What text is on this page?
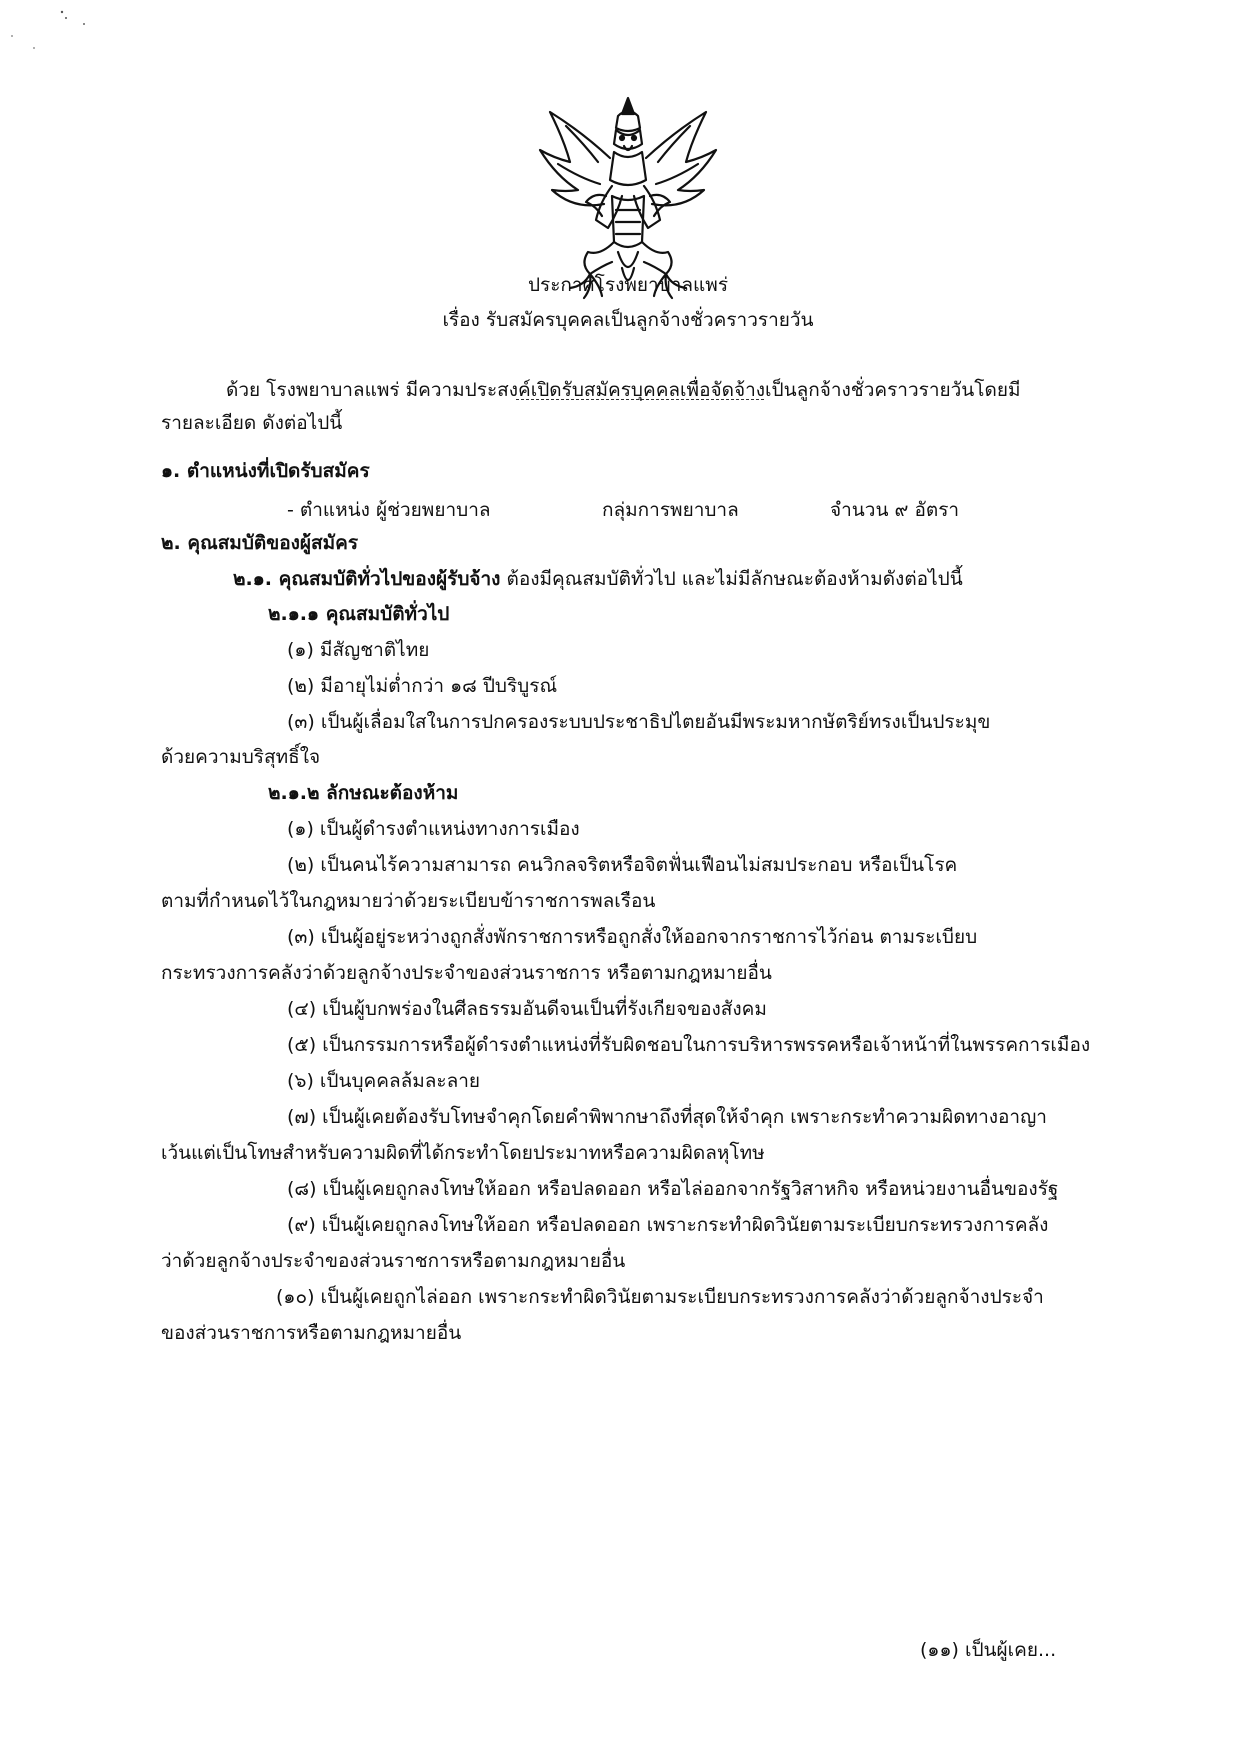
ประกาศโรงพยาบาลแพร่
เรื่อง รับสมัครบุคคลเป็นลูกจ้างชั่วคราวรายวัน
ด้วย โรงพยาบาลแพร่ มีความประสงค์เปิดรับสมัครบุคคลเพื่อจัดจ้างเป็นลูกจ้างชั่วคราวรายวันโดยมี
รายละเอียด ดังต่อไปนี้
๑. ตำแหน่งที่เปิดรับสมัคร
- ตำแหน่ง ผู้ช่วยพยาบาล	กลุ่มการพยาบาล	จำนวน ๙ อัตรา
๒. คุณสมบัติของผู้สมัคร
๒.๑. คุณสมบัติทั่วไปของผู้รับจ้าง ต้องมีคุณสมบัติทั่วไป และไม่มีลักษณะต้องห้ามดังต่อไปนี้
๒.๑.๑ คุณสมบัติทั่วไป
(๑) มีสัญชาติไทย
(๒) มีอายุไม่ต่ำกว่า ๑๘ ปีบริบูรณ์
(๓) เป็นผู้เลื่อมใสในการปกครองระบบประชาธิปไตยอันมีพระมหากษัตริย์ทรงเป็นประมุข
ด้วยความบริสุทธิ์ใจ
๒.๑.๒ ลักษณะต้องห้าม
(๑) เป็นผู้ดำรงตำแหน่งทางการเมือง
(๒) เป็นคนไร้ความสามารถ คนวิกลจริตหรือจิตฟั่นเฟือนไม่สมประกอบ หรือเป็นโรค
ตามที่กำหนดไว้ในกฎหมายว่าด้วยระเบียบข้าราชการพลเรือน
(๓) เป็นผู้อยู่ระหว่างถูกสั่งพักราชการหรือถูกสั่งให้ออกจากราชการไว้ก่อน ตามระเบียบ
กระทรวงการคลังว่าด้วยลูกจ้างประจำของส่วนราชการ หรือตามกฎหมายอื่น
(๔) เป็นผู้บกพร่องในศีลธรรมอันดีจนเป็นที่รังเกียจของสังคม
(๕) เป็นกรรมการหรือผู้ดำรงตำแหน่งที่รับผิดชอบในการบริหารพรรคหรือเจ้าหน้าที่ในพรรคการเมือง
(๖) เป็นบุคคลล้มละลาย
(๗) เป็นผู้เคยต้องรับโทษจำคุกโดยคำพิพากษาถึงที่สุดให้จำคุก เพราะกระทำความผิดทางอาญา
เว้นแต่เป็นโทษสำหรับความผิดที่ได้กระทำโดยประมาทหรือความผิดลหุโทษ
(๘) เป็นผู้เคยถูกลงโทษให้ออก หรือปลดออก หรือไล่ออกจากรัฐวิสาหกิจ หรือหน่วยงานอื่นของรัฐ
(๙) เป็นผู้เคยถูกลงโทษให้ออก หรือปลดออก เพราะกระทำผิดวินัยตามระเบียบกระทรวงการคลัง
ว่าด้วยลูกจ้างประจำของส่วนราชการหรือตามกฎหมายอื่น
(๑๐) เป็นผู้เคยถูกไล่ออก เพราะกระทำผิดวินัยตามระเบียบกระทรวงการคลังว่าด้วยลูกจ้างประจำ
ของส่วนราชการหรือตามกฎหมายอื่น
(๑๑) เป็นผู้เคย...
